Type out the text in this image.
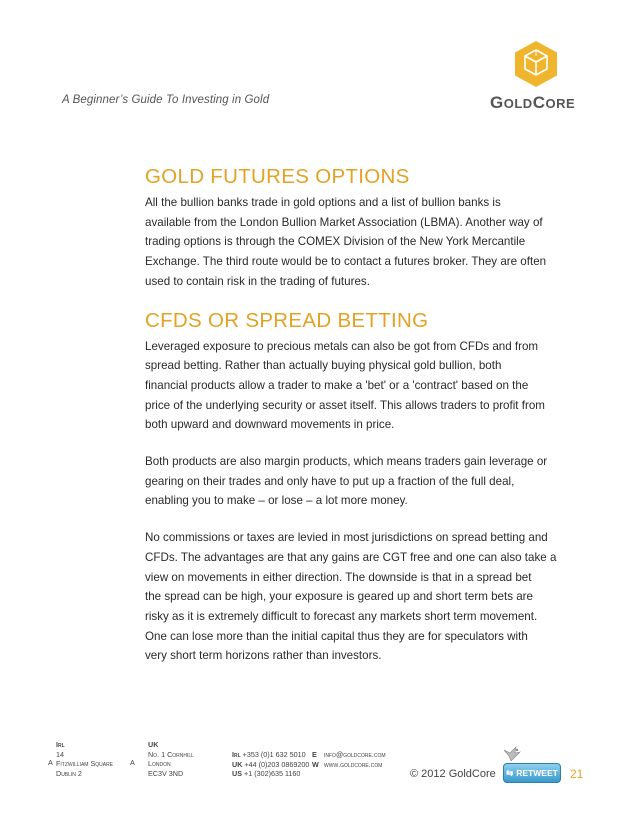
A Beginner’s Guide To Investing in Gold	GOLDCORE
GOLD FUTURES OPTIONS

All the bullion banks trade in gold options and a list of bullion banks is
available from the London Bullion Market Association (LBMA). Another way of
trading options is through the COMEX Division of the New York Mercantile
Exchange. The third route would be to contact a futures broker. They are often
used to contain risk in the trading of futures.

CFDS OR SPREAD BETTING

Leveraged exposure to precious metals can also be got from CFDs and from
spread betting. Rather than actually buying physical gold bullion, both
financial products allow a trader to make a 'bet' or a 'contract' based on the
price of the underlying security or asset itself. This allows traders to profit from
both upward and downward movements in price.

Both products are also margin products, which means traders gain leverage or
gearing on their trades and only have to put up a fraction of the full deal,
enabling you to make – or lose – a lot more money.

No commissions or taxes are levied in most jurisdictions on spread betting and
CFDs. The advantages are that any gains are CGT free and one can also take a
view on movements in either direction. The downside is that in a spread bet
the spread can be high, your exposure is geared up and short term bets are
risky as it is extremely difficult to forecast any markets short term movement.
One can lose more than the initial capital thus they are for speculators with
very short term horizons rather than investors.

A
Irl
14
Fitzwilliam Square
Dublin 2
A
UK
No. 1 Cornhill
London
EC3V 3ND
Irl +353 (0)1 632 5010
UK +44 (0)203 0869200
US +1 (302)635 1160
E
W
info@goldcore.com
www.goldcore.com
© 2012 GoldCore ⇆ RETWEET 21
